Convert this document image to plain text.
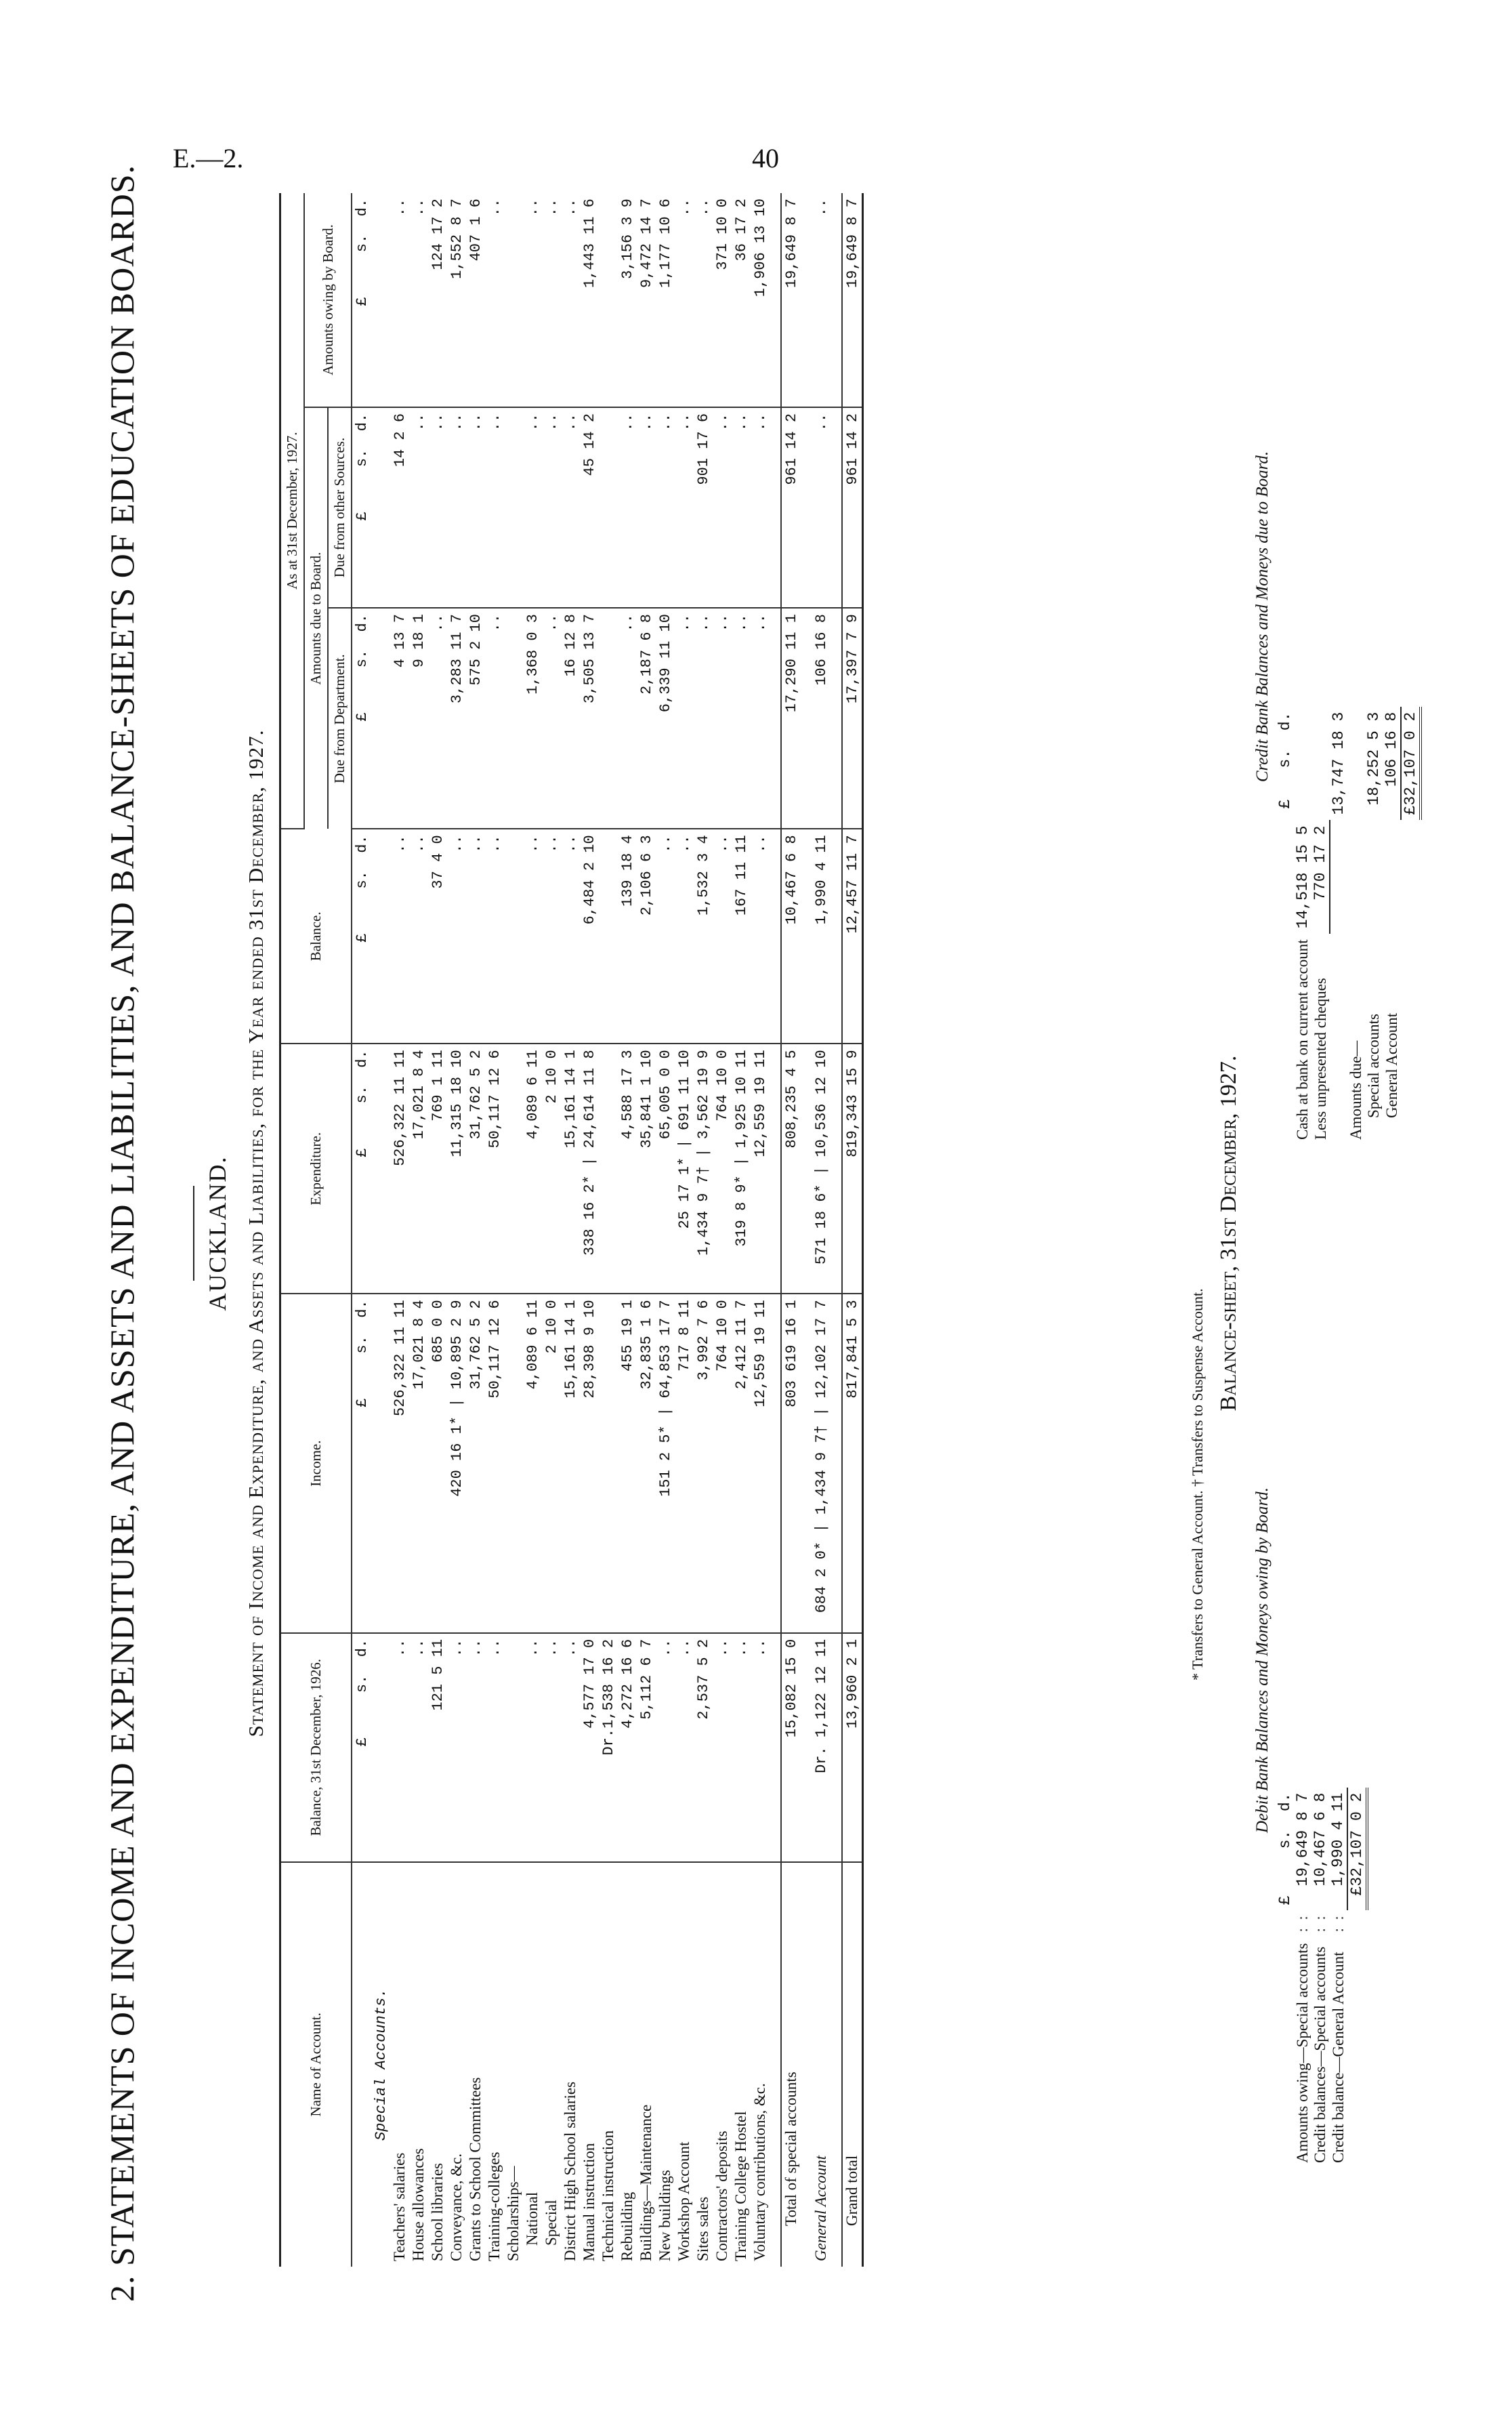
E.—2.	40
2. STATEMENTS OF INCOME AND EXPENDITURE, AND ASSETS AND LIABILITIES, AND BALANCE-SHEETS OF EDUCATION BOARDS.	AUCKLAND. Statement of Income and Expenditure, and Assets and Liabilities, for the Year ended 31st December, 1927.
Name of Account.	Balance, 31st December, 1926.	Income.	Expenditure.	Balance.	As at 31st December, 1927.		
					Amounts due to Board.		Amounts owing by Board.
					Due from Department.	Due from other Sources.	
	£     s.  d.	£     s.  d.	£     s.  d.	£     s.  d.	£     s.  d.	£     s.  d.	£     s.  d.
Special Accounts.							
Teachers' salaries	..	526,322 11 11	526,322 11 11	..	4 13 7	14 2 6	..
House allowances	..	17,021 8 4	17,021 8 4	..	9 18 1	..	..
School libraries	121 5 11	685 0 0	769 1 11	37 4 0	..	..	124 17 2
Conveyance, &c.	..	420 16 1* | 10,895 2 9	11,315 18 10	..	3,283 11 7	..	1,552 8 7
Grants to School Committees	..	31,762 5 2	31,762 5 2	..	575 2 10	..	407 1 6
Training-colleges	..	50,117 12 6	50,117 12 6	..	..	..	..
Scholarships—							
National	..	4,089 6 11	4,089 6 11	..	1,368 0 3	..	..
Special	..	2 10 0	2 10 0	..	..	..	..
District High School salaries	..	15,161 14 1	15,161 14 1	..	16 12 8	..	..
Manual instruction	4,577 17 0	28,398 9 10	338 16 2* | 24,614 11 8	6,484 2 10	3,505 13 7	45 14 2	1,443 11 6
Technical instruction	Dr.1,538 16 2						
Rebuilding	4,272 16 6	455 19 1	4,588 17 3	139 18 4	..	..	3,156 3 9
Buildings—Maintenance	5,112 6 7	32,835 1 6	35,841 1 10	2,106 6 3	2,187 6 8	..	9,472 14 7
New buildings	..	151 2 5* | 64,853 17 7	65,005 0 0	..	6,339 11 10	..	1,177 10 6
Workshop Account	..	717 8 11	25 17 1* | 691 11 10	..	..	..	..
Sites sales	2,537 5 2	3,992 7 6	1,434 9 7† | 3,562 19 9	1,532 3 4	..	901 17 6	..
Contractors' deposits	..	764 10 0	764 10 0	..	..	..	371 10 0
Training College Hostel	..	2,412 11 7	319 8 9* | 1,925 10 11	167 11 11	..	..	36 17 2
Voluntary contributions, &c.	..	12,559 19 11	12,559 19 11	..	..	..	1,906 13 10

Total of special accounts	15,082 15 0	803 619 16 1	808,235 4 5	10,467 6 8	17,290 11 1	961 14 2	19,649 8 7

General Account	Dr. 1,122 12 11	684 2 0* | 1,434 9 7† | 12,102 17 7	571 18 6* | 10,536 12 10	1,990 4 11	106 16 8	..	..

Grand total	13,960 2 1	817,841 5 3	819,343 15 9	12,457 11 7	17,397 7 9	961 14 2	19,649 8 7
* Transfers to General Account. † Transfers to Suspense Account.
Balance-sheet, 31st December, 1927.
Debit Bank Balances and Moneys owing by Board.
		£     s.  d.
Amounts owing—Special accounts	:  :	19,649 8 7
Credit balances—Special accounts	:  :	10,467 6 8
Credit balance—General Account	:  :	1,990 4 11
		£32,107 0 2
Credit Bank Balances and Moneys due to Board.
		£	s.  d.
Cash at bank on current account	14,518 15 5		
Less unpresented cheques	770 17 2		
		13,747 18 3	
Amounts due—			
Special accounts		18,252 5 3	
General Account		106 16 8	
		£32,107 0 2	
